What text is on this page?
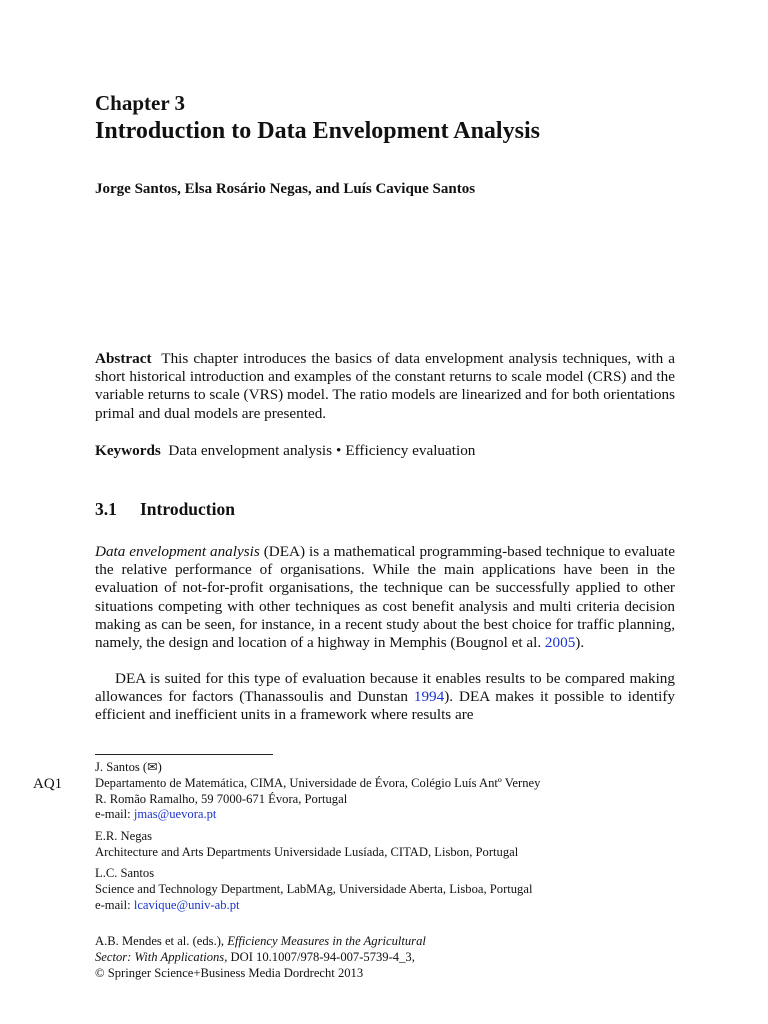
Chapter 3
Introduction to Data Envelopment Analysis
Jorge Santos, Elsa Rosário Negas, and Luís Cavique Santos

Abstract This chapter introduces the basics of data envelopment analysis techniques, with a short historical introduction and examples of the constant returns to scale model (CRS) and the variable returns to scale (VRS) model. The ratio models are linearized and for both orientations primal and dual models are presented.

Keywords Data envelopment analysis • Efficiency evaluation
3.1 Introduction

Data envelopment analysis (DEA) is a mathematical programming-based technique to evaluate the relative performance of organisations. While the main applications have been in the evaluation of not-for-profit organisations, the technique can be successfully applied to other situations competing with other techniques as cost benefit analysis and multi criteria decision making as can be seen, for instance, in a recent study about the best choice for traffic planning, namely, the design and location of a highway in Memphis (Bougnol et al. 2005).

DEA is suited for this type of evaluation because it enables results to be compared making allowances for factors (Thanassoulis and Dunstan 1994). DEA makes it possible to identify efficient and inefficient units in a framework where results are

AQ1
J. Santos (✉)
Departamento de Matemática, CIMA, Universidade de Évora, Colégio Luís Antº Verney
R. Romão Ramalho, 59 7000-671 Évora, Portugal
e-mail: jmas@uevora.pt
E.R. Negas
Architecture and Arts Departments Universidade Lusíada, CITAD, Lisbon, Portugal
L.C. Santos
Science and Technology Department, LabMAg, Universidade Aberta, Lisboa, Portugal
e-mail: lcavique@univ-ab.pt
A.B. Mendes et al. (eds.), Efficiency Measures in the Agricultural
Sector: With Applications, DOI 10.1007/978-94-007-5739-4_3,
© Springer Science+Business Media Dordrecht 2013
